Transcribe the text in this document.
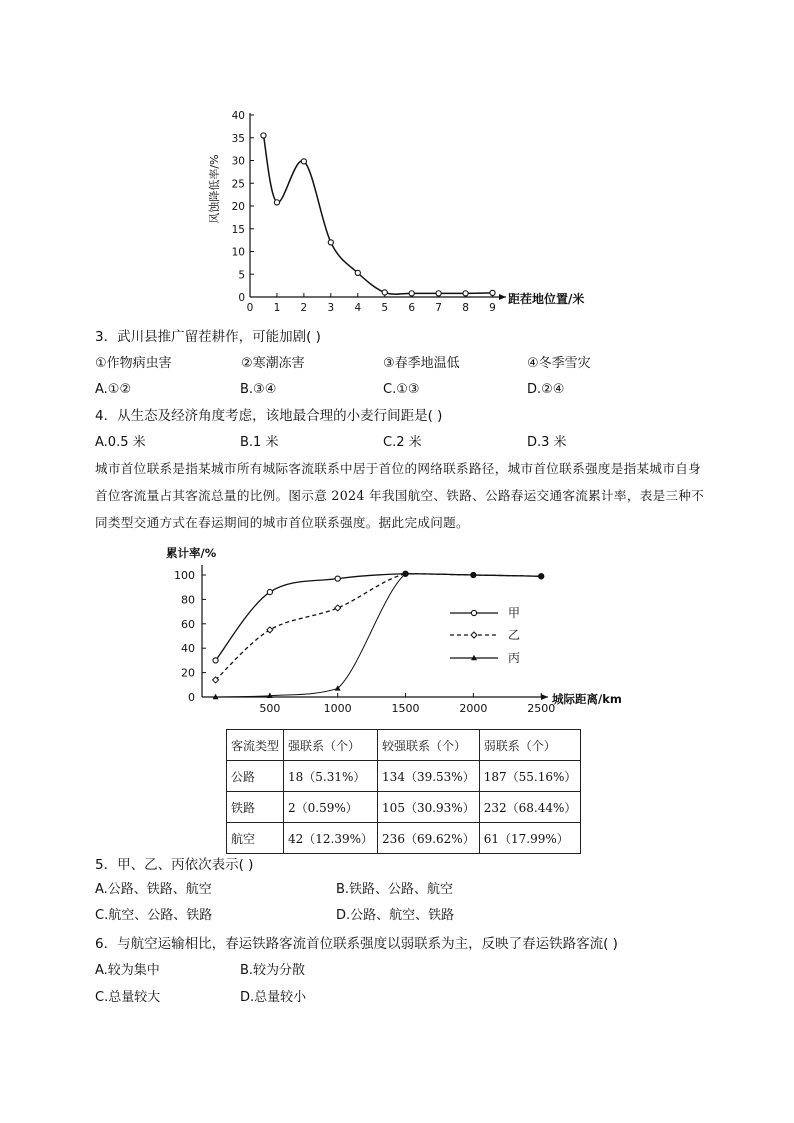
风蚀降低率/%
0
5
10
15
20
25
30
35
40
0 1 2 3 4 5 6 7 8 9
距茬地位置/米
3．武川县推广留茬耕作，可能加剧( )
①作物病虫害	②寒潮冻害	③春季地温低	④冬季雪灾
A.①②	B.③④	C.①③	D.②④
4．从生态及经济角度考虑，该地最合理的小麦行间距是( )
A.0.5 米	B.1 米	C.2 米	D.3 米
城市首位联系是指某城市所有城际客流联系中居于首位的网络联系路径，城市首位联系强度是指某城市自身首位客流量占其客流总量的比例。图示意 2024 年我国航空、铁路、公路春运交通客流累计率，表是三种不同类型交通方式在春运期间的城市首位联系强度。据此完成问题。
累计率/%
0
20
40
60
80
100
500	1000	1500	2000	2500
甲
乙
丙
城际距离/km
客流类型	强联系（个）	较强联系（个）	弱联系（个）
公路	18（5.31%）	134（39.53%）	187（55.16%）
铁路	2（0.59%）	105（30.93%）	232（68.44%）
航空	42（12.39%）	236（69.62%）	61（17.99%）
5．甲、乙、丙依次表示( )
A.公路、铁路、航空	B.铁路、公路、航空
C.航空、公路、铁路	D.公路、航空、铁路
6．与航空运输相比，春运铁路客流首位联系强度以弱联系为主，反映了春运铁路客流( )
A.较为集中	B.较为分散
C.总量较大	D.总量较小
